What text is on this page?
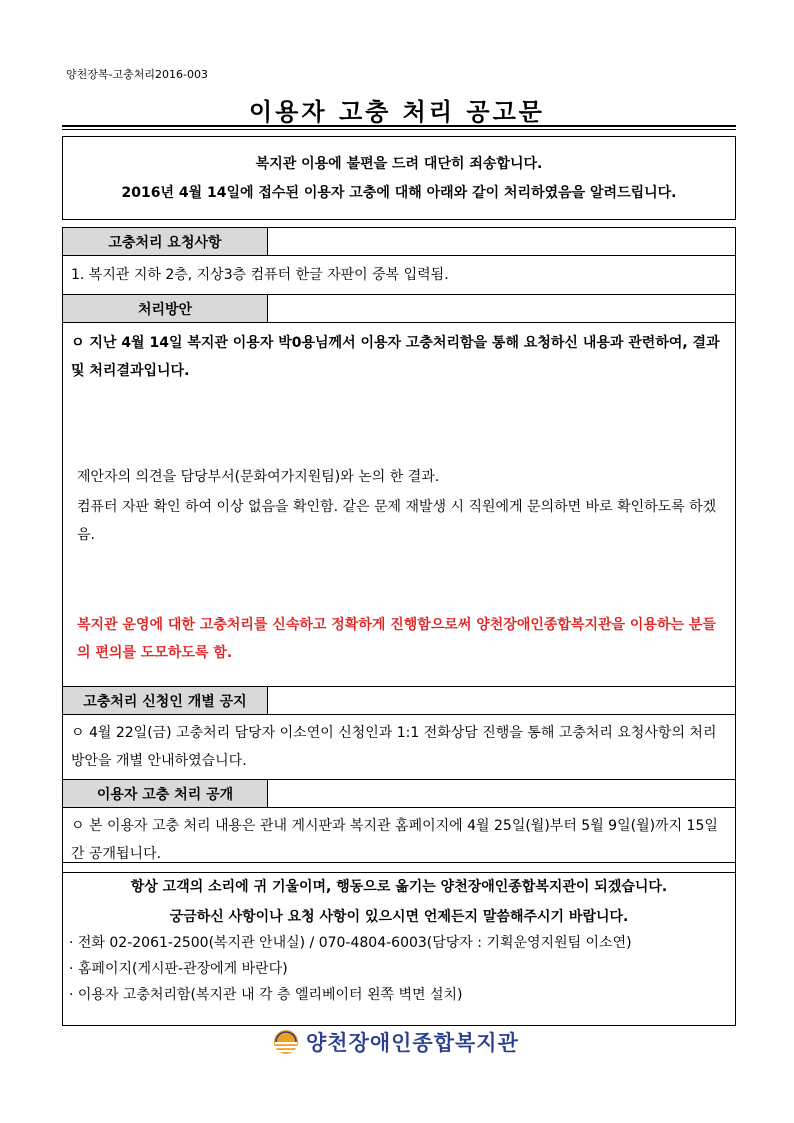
양천장복-고충처리2016-003
이용자 고충 처리 공고문
복지관 이용에 불편을 드려 대단히 죄송합니다.
2016년 4월 14일에 접수된 이용자 고충에 대해 아래와 같이 처리하였음을 알려드립니다.
고충처리 요청사항	
1. 복지관 지하 2층, 지상3층 컴퓨터 한글 자판이 중복 입력됨.	
처리방안	

ㅇ 지난 4월 14일 복지관 이용자 박0용님께서 이용자 고충처리함을 통해 요청하신 내용과 관련하여, 결과 및 처리결과입니다.
제안자의 의견을 담당부서(문화여가지원팀)와 논의 한 결과.
컴퓨터 자판 확인 하여 이상 없음을 확인함. 같은 문제 재발생 시 직원에게 문의하면 바로 확인하도록 하겠음.
복지관 운영에 대한 고충처리를 신속하고 정확하게 진행함으로써 양천장애인종합복지관을 이용하는 분들의 편의를 도모하도록 함.	

고충처리 신청인 개별 공지	
ㅇ 4월 22일(금) 고충처리 담당자 이소연이 신청인과 1:1 전화상담 진행을 통해 고충처리 요청사항의 처리방안을 개별 안내하였습니다.	
이용자 고충 처리 공개	
ㅇ 본 이용자 고충 처리 내용은 관내 게시판과 복지관 홈페이지에 4월 25일(월)부터 5월 9일(월)까지 15일간 공개됩니다.	
항상 고객의 소리에 귀 기울이며, 행동으로 옮기는 양천장애인종합복지관이 되겠습니다.
궁금하신 사항이나 요청 사항이 있으시면 언제든지 말씀해주시기 바랍니다.
· 전화 02-2061-2500(복지관 안내실) / 070-4804-6003(담당자 : 기획운영지원팀 이소연)
· 홈페이지(게시판-관장에게 바란다)
· 이용자 고충처리함(복지관 내 각 층 엘리베이터 왼쪽 벽면 설치)
양천장애인종합복지관
